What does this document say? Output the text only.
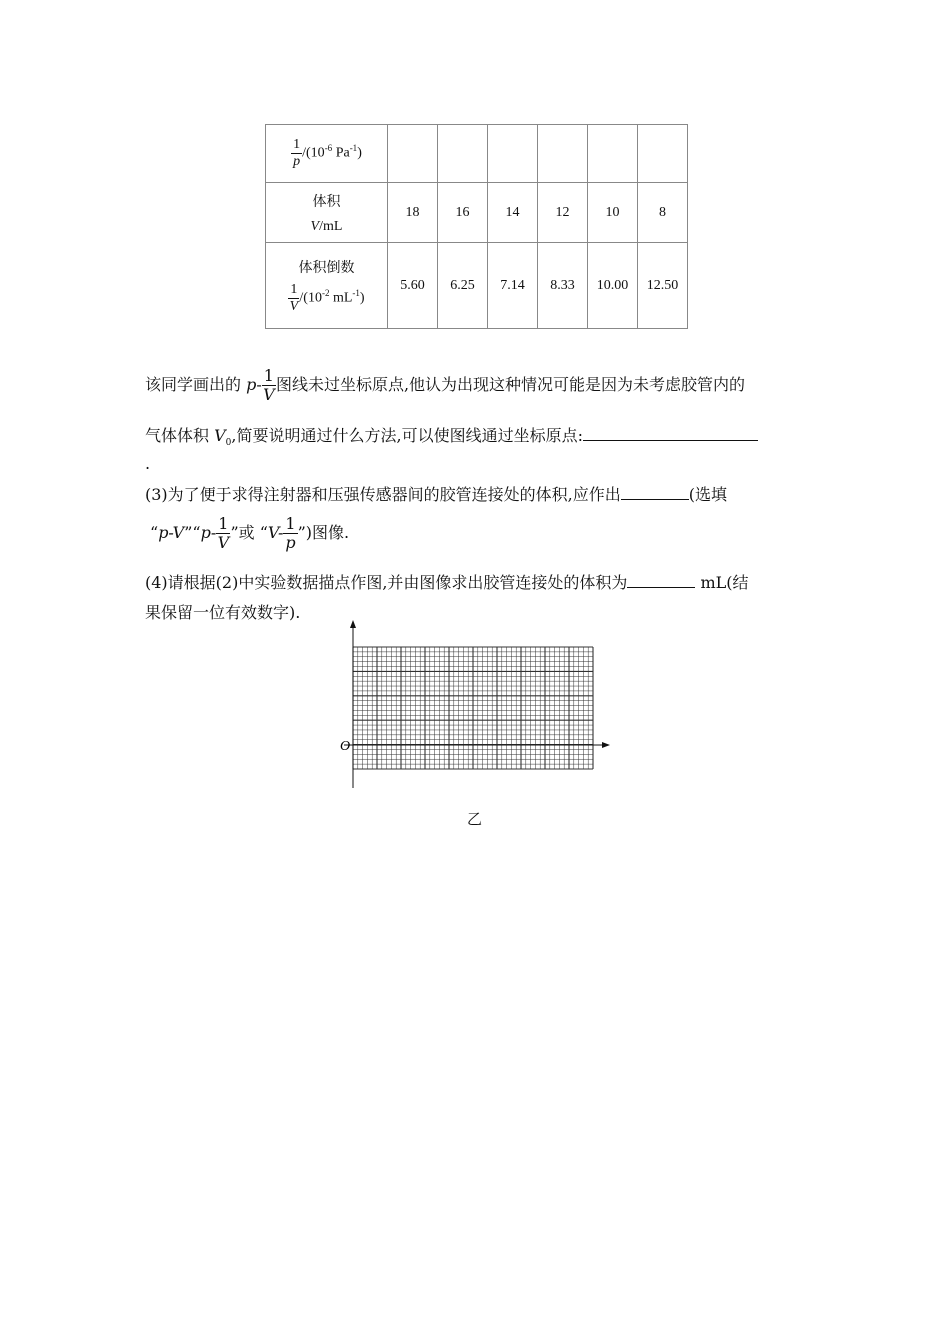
$\frac{1}{p} /(10^{-6}$ $Pa^{-1}$)						

体积
V/mL	18	16	14	12	10	8

体积倒数
$\frac{1}{V} /(10^{-2}$ $mL^{-1}$)	5.60	6.25	7.14	8.33	10.00	12.50
该同学画出的 $p- \frac{1}{V}$ 图线未过坐标原点,他认为出现这种情况可能是因为未考虑胶管内的
气体体积 $V_0$,简要说明通过什么方法,可以使图线通过坐标原点:
.
(3)为了便于求得注射器和压强传感器间的胶管连接处的体积,应作出	(选填
“p-V”“p- $\frac{1}{V}$ ”或 “$V- \frac{1}{p}$ ”)图像.
(4)请根据(2)中实验数据描点作图,并由图像求出胶管连接处的体积为	mL(结
果保留一位有效数字).
O
乙
